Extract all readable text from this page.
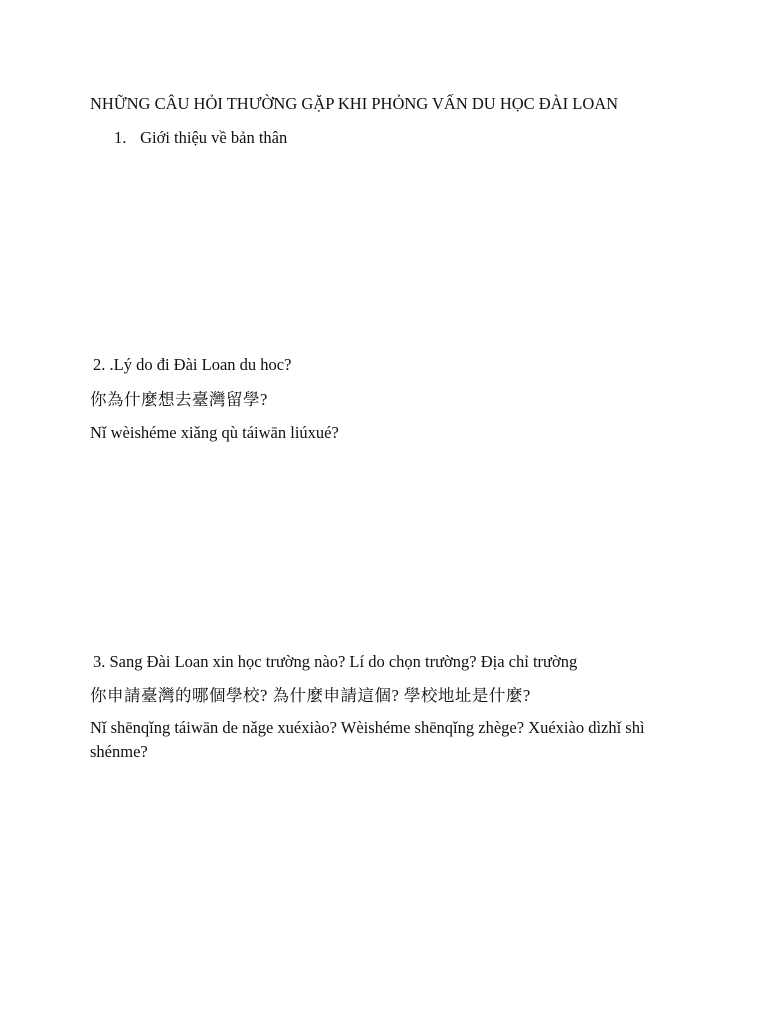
NHỮNG CÂU HỎI THƯỜNG GẶP KHI PHỎNG VẤN DU HỌC ĐÀI LOAN
1. Giới thiệu về bản thân
2. .Lý do đi Đài Loan du hoc?
你為什麼想去臺灣留學?
Nǐ wèishéme xiǎng qù táiwān liúxué?
3. Sang Đài Loan xin học trường nào? Lí do chọn trường? Địa chỉ trường
你申請臺灣的哪個學校? 為什麼申請這個? 學校地址是什麼?
Nǐ shēnqǐng táiwān de nǎge xuéxiào? Wèishéme shēnqǐng zhège? Xuéxiào dìzhǐ shì shénme?
